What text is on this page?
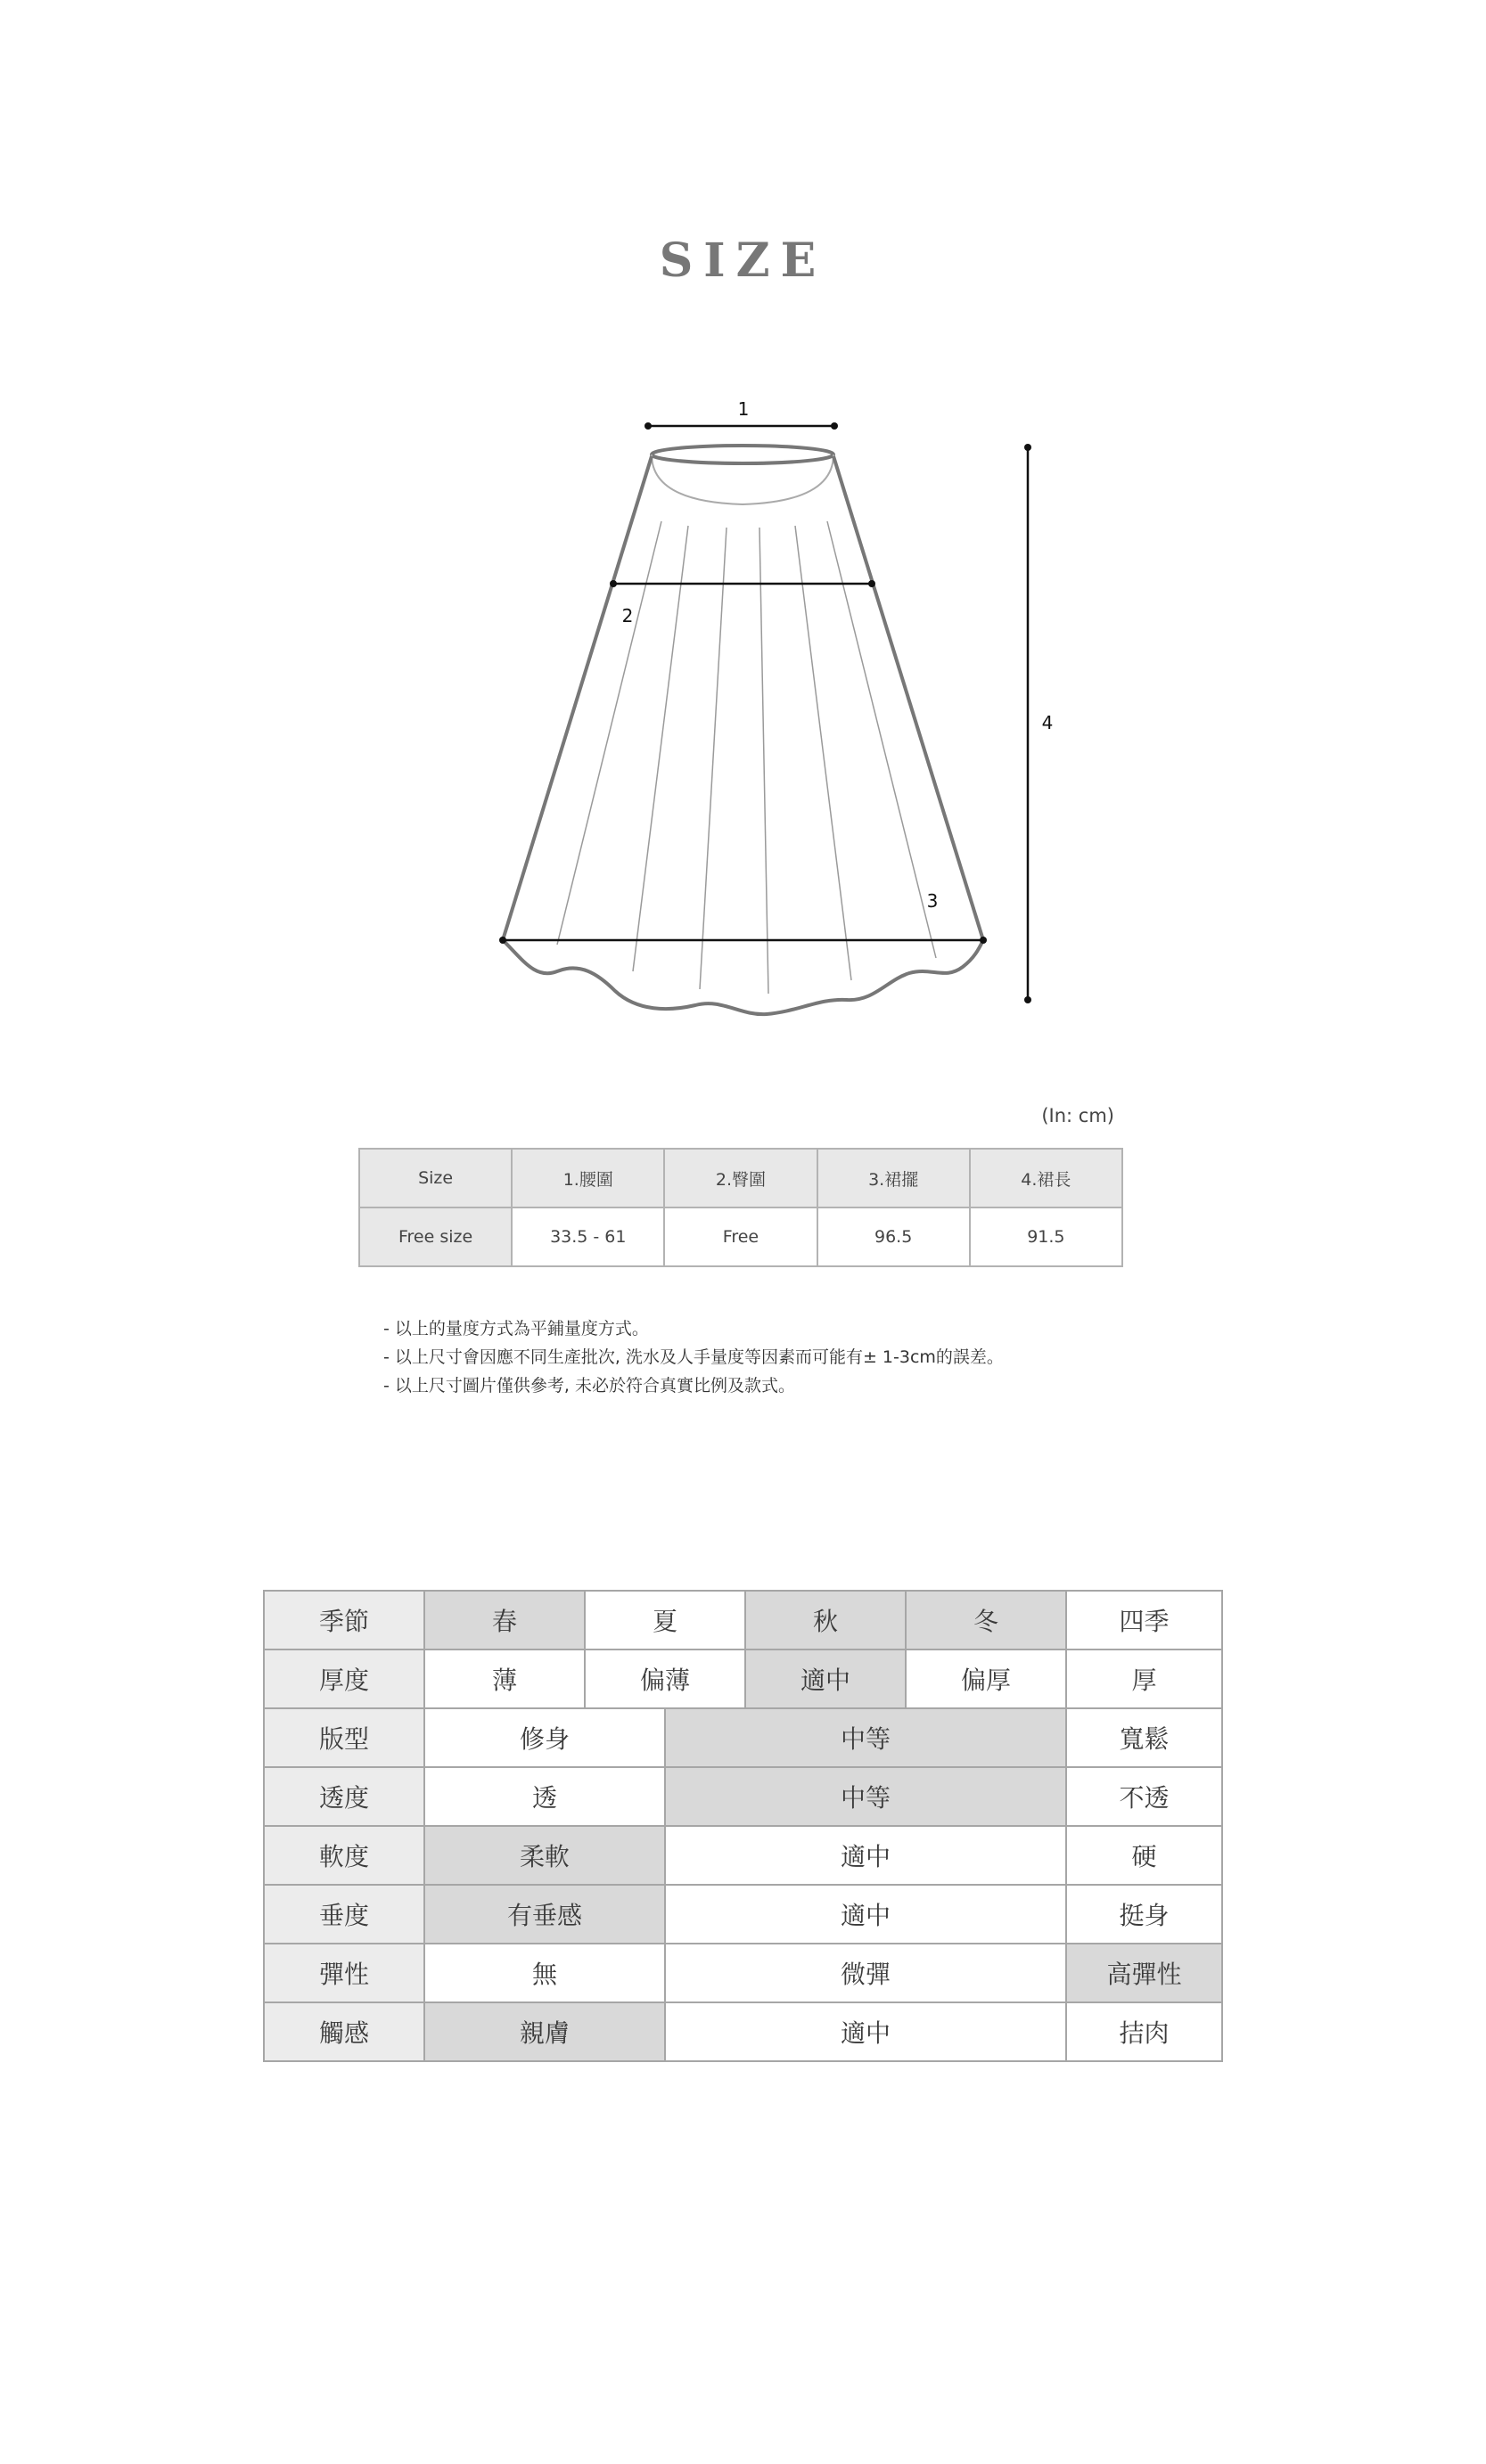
SIZE
1
2
3
4
(In: cm)
Size	1.腰圍	2.臀圍	3.裙擺	4.裙長
Free size	33.5 - 61	Free	96.5	91.5
- 以上的量度方式為平鋪量度方式。
- 以上尺寸會因應不同生產批次, 洗水及人手量度等因素而可能有± 1-3cm的誤差。
- 以上尺寸圖片僅供參考, 未必於符合真實比例及款式。
季節	春	夏		秋	冬	四季
厚度	薄	偏薄		適中	偏厚	厚
版型	修身		中等			寬鬆
透度	透		中等			不透
軟度	柔軟		適中			硬
垂度	有垂感		適中			挺身
彈性	無		微彈			高彈性
觸感	親膚		適中			拮肉
